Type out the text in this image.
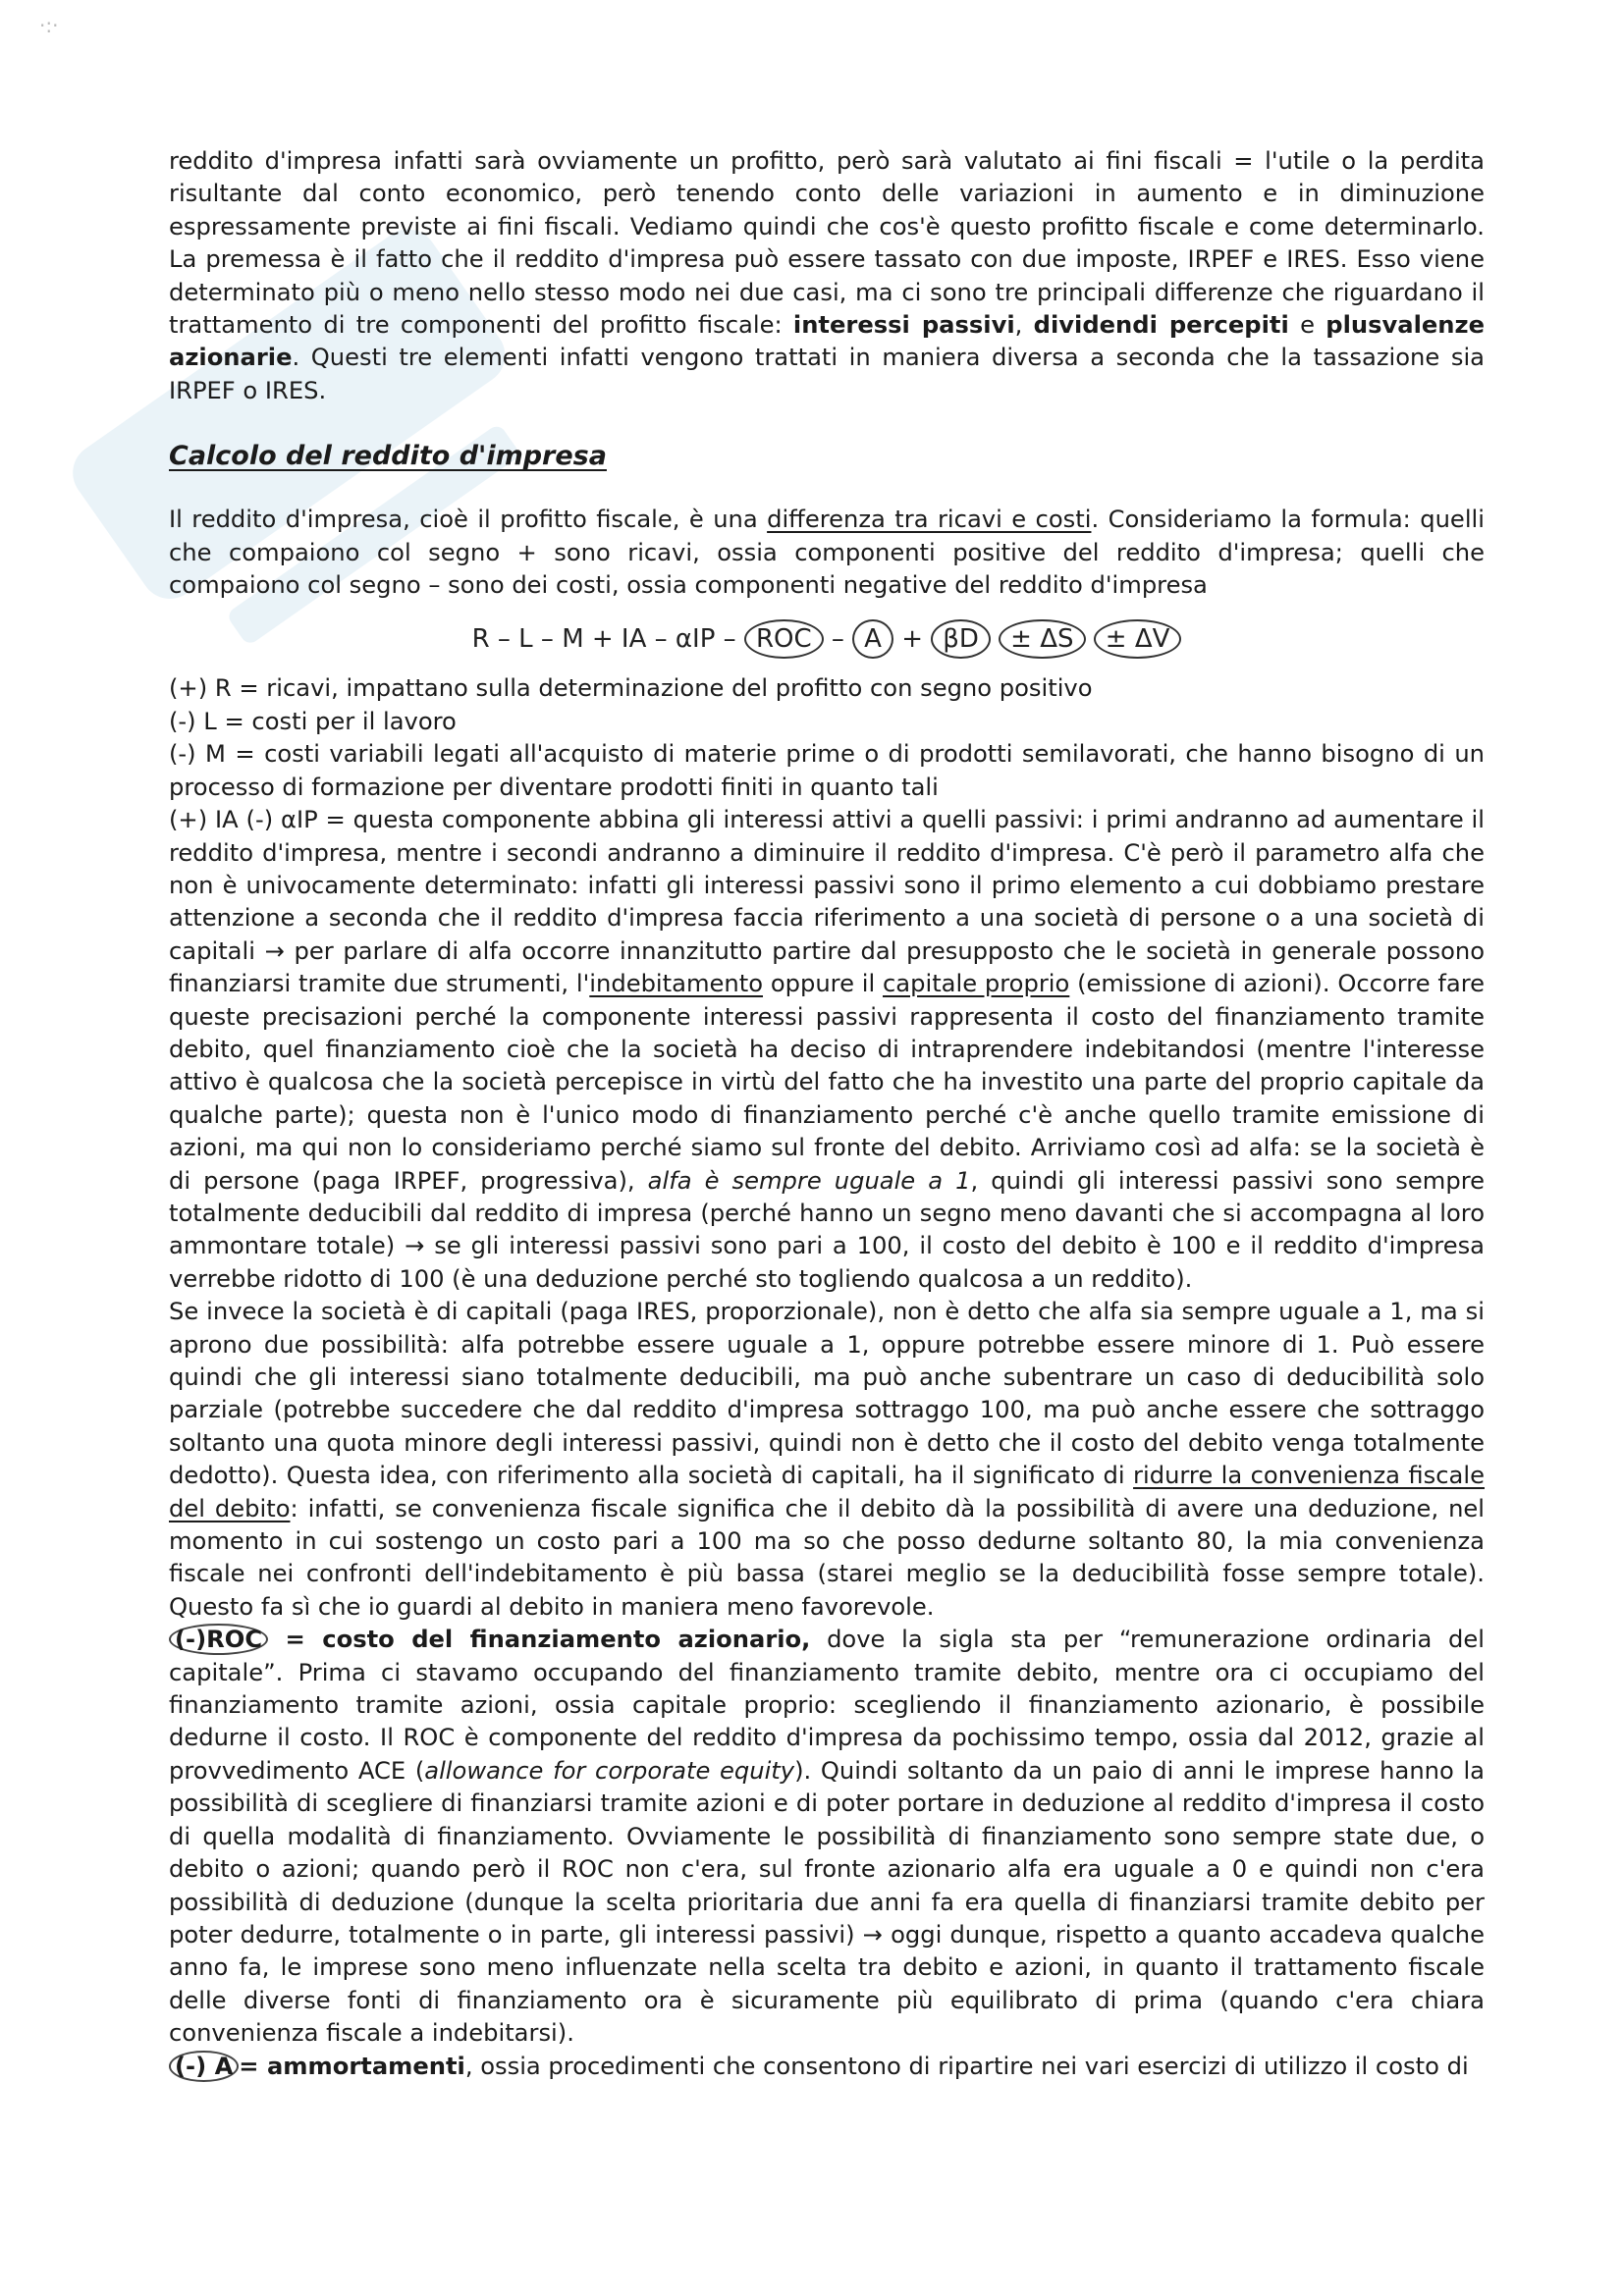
·:·

reddito d'impresa infatti sarà ovviamente un profitto, però sarà valutato ai fini fiscali = l'utile o la perdita risultante dal conto economico, però tenendo conto delle variazioni in aumento e in diminuzione espressamente previste ai fini fiscali. Vediamo quindi che cos'è questo profitto fiscale e come determinarlo. La premessa è il fatto che il reddito d'impresa può essere tassato con due imposte, IRPEF e IRES. Esso viene determinato più o meno nello stesso modo nei due casi, ma ci sono tre principali differenze che riguardano il trattamento di tre componenti del profitto fiscale: interessi passivi, dividendi percepiti e plusvalenze azionarie. Questi tre elementi infatti vengono trattati in maniera diversa a seconda che la tassazione sia IRPEF o IRES.

Calcolo del reddito d'impresa

Il reddito d'impresa, cioè il profitto fiscale, è una differenza tra ricavi e costi. Consideriamo la formula: quelli che compaiono col segno + sono ricavi, ossia componenti positive del reddito d'impresa; quelli che compaiono col segno – sono dei costi, ossia componenti negative del reddito d'impresa

R – L – M + IA – αIP – ROC – A + βD ± ΔS ± ΔV

(+) R = ricavi, impattano sulla determinazione del profitto con segno positivo

(-) L = costi per il lavoro

(-) M = costi variabili legati all'acquisto di materie prime o di prodotti semilavorati, che hanno bisogno di un processo di formazione per diventare prodotti finiti in quanto tali

(+) IA (-) αIP = questa componente abbina gli interessi attivi a quelli passivi: i primi andranno ad aumentare il reddito d'impresa, mentre i secondi andranno a diminuire il reddito d'impresa. C'è però il parametro alfa che non è univocamente determinato: infatti gli interessi passivi sono il primo elemento a cui dobbiamo prestare attenzione a seconda che il reddito d'impresa faccia riferimento a una società di persone o a una società di capitali → per parlare di alfa occorre innanzitutto partire dal presupposto che le società in generale possono finanziarsi tramite due strumenti, l'indebitamento oppure il capitale proprio (emissione di azioni). Occorre fare queste precisazioni perché la componente interessi passivi rappresenta il costo del finanziamento tramite debito, quel finanziamento cioè che la società ha deciso di intraprendere indebitandosi (mentre l'interesse attivo è qualcosa che la società percepisce in virtù del fatto che ha investito una parte del proprio capitale da qualche parte); questa non è l'unico modo di finanziamento perché c'è anche quello tramite emissione di azioni, ma qui non lo consideriamo perché siamo sul fronte del debito. Arriviamo così ad alfa: se la società è di persone (paga IRPEF, progressiva), alfa è sempre uguale a 1, quindi gli interessi passivi sono sempre totalmente deducibili dal reddito di impresa (perché hanno un segno meno davanti che si accompagna al loro ammontare totale) → se gli interessi passivi sono pari a 100, il costo del debito è 100 e il reddito d'impresa verrebbe ridotto di 100 (è una deduzione perché sto togliendo qualcosa a un reddito).

Se invece la società è di capitali (paga IRES, proporzionale), non è detto che alfa sia sempre uguale a 1, ma si aprono due possibilità: alfa potrebbe essere uguale a 1, oppure potrebbe essere minore di 1. Può essere quindi che gli interessi siano totalmente deducibili, ma può anche subentrare un caso di deducibilità solo parziale (potrebbe succedere che dal reddito d'impresa sottraggo 100, ma può anche essere che sottraggo soltanto una quota minore degli interessi passivi, quindi non è detto che il costo del debito venga totalmente dedotto). Questa idea, con riferimento alla società di capitali, ha il significato di ridurre la convenienza fiscale del debito: infatti, se convenienza fiscale significa che il debito dà la possibilità di avere una deduzione, nel momento in cui sostengo un costo pari a 100 ma so che posso dedurne soltanto 80, la mia convenienza fiscale nei confronti dell'indebitamento è più bassa (starei meglio se la deducibilità fosse sempre totale). Questo fa sì che io guardi al debito in maniera meno favorevole.

(-)ROC = costo del finanziamento azionario, dove la sigla sta per “remunerazione ordinaria del capitale”. Prima ci stavamo occupando del finanziamento tramite debito, mentre ora ci occupiamo del finanziamento tramite azioni, ossia capitale proprio: scegliendo il finanziamento azionario, è possibile dedurne il costo. Il ROC è componente del reddito d'impresa da pochissimo tempo, ossia dal 2012, grazie al provvedimento ACE (allowance for corporate equity). Quindi soltanto da un paio di anni le imprese hanno la possibilità di scegliere di finanziarsi tramite azioni e di poter portare in deduzione al reddito d'impresa il costo di quella modalità di finanziamento. Ovviamente le possibilità di finanziamento sono sempre state due, o debito o azioni; quando però il ROC non c'era, sul fronte azionario alfa era uguale a 0 e quindi non c'era possibilità di deduzione (dunque la scelta prioritaria due anni fa era quella di finanziarsi tramite debito per poter dedurre, totalmente o in parte, gli interessi passivi) → oggi dunque, rispetto a quanto accadeva qualche anno fa, le imprese sono meno influenzate nella scelta tra debito e azioni, in quanto il trattamento fiscale delle diverse fonti di finanziamento ora è sicuramente più equilibrato di prima (quando c'era chiara convenienza fiscale a indebitarsi).

(-) A = ammortamenti, ossia procedimenti che consentono di ripartire nei vari esercizi di utilizzo il costo di
